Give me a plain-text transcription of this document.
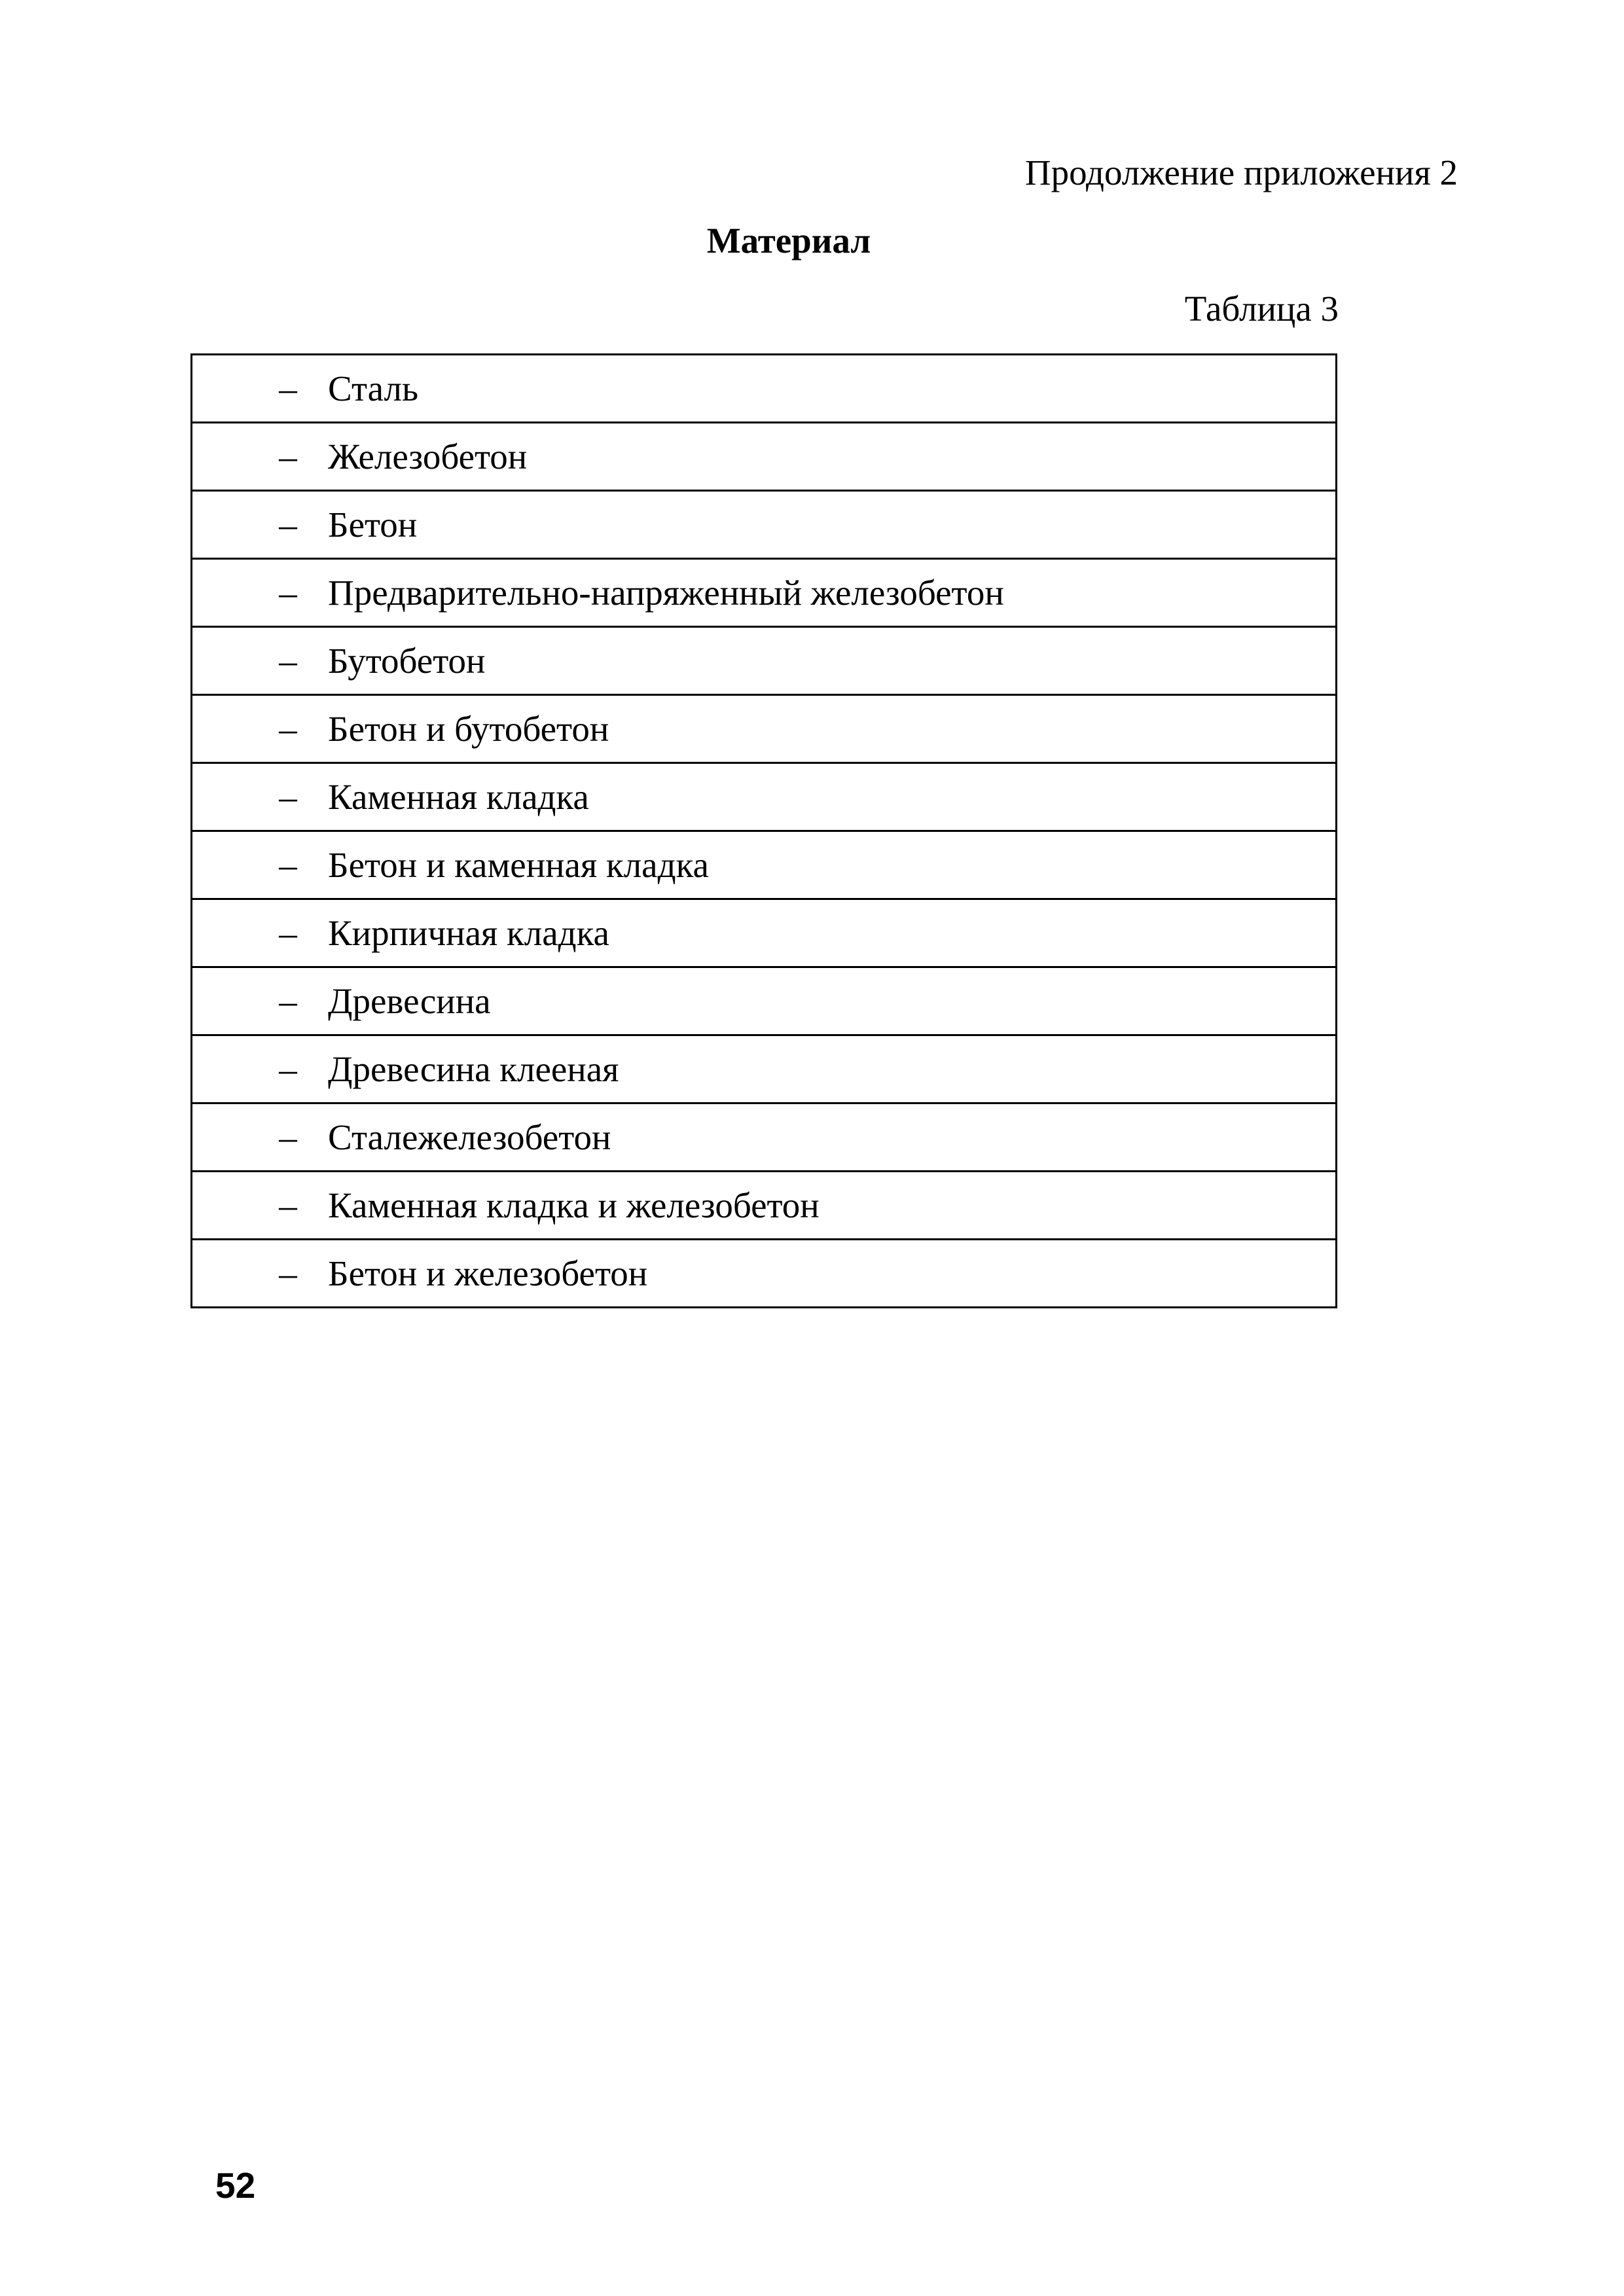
Продолжение приложения 2
Материал
Таблица 3
– Сталь

– Железобетон

– Бетон

– Предварительно-напряженный железобетон

– Бутобетон

– Бетон и бутобетон

– Каменная кладка

– Бетон и каменная кладка

– Кирпичная кладка

– Древесина

– Древесина клееная

– Сталежелезобетон

– Каменная кладка и железобетон

– Бетон и железобетон
52
